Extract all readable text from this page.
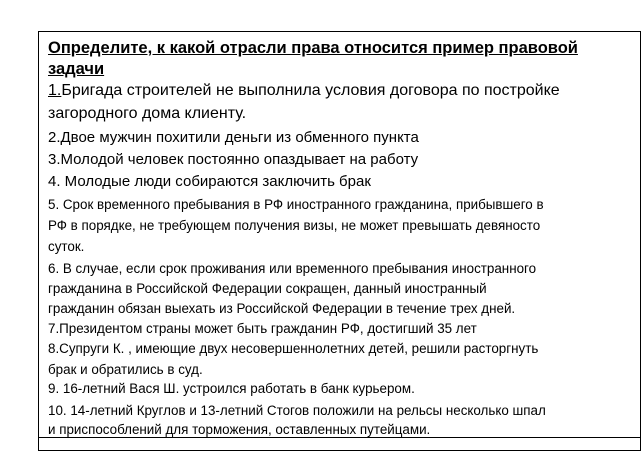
Определите, к какой отрасли права относится пример правовой
задачи
1.Бригада строителей не выполнила условия договора по постройке
загородного дома клиенту.
2.Двое мужчин похитили деньги из обменного пункта
3.Молодой человек постоянно опаздывает на работу
4. Молодые люди собираются заключить брак
5. Срок временного пребывания в РФ иностранного гражданина, прибывшего в
РФ в порядке, не требующем получения визы, не может превышать девяносто
суток.
6. В случае, если срок проживания или временного пребывания иностранного
гражданина в Российской Федерации сокращен, данный иностранный
гражданин обязан выехать из Российской Федерации в течение трех дней.
7.Президентом страны может быть гражданин РФ, достигший 35 лет
8.Супруги К. , имеющие двух несовершеннолетних детей, решили расторгнуть
брак и обратились в суд.
9. 16-летний Вася Ш. устроился работать в банк курьером.
10. 14-летний Круглов и 13-летний Стогов положили на рельсы несколько шпал
и приспособлений для торможения, оставленных путейцами.
